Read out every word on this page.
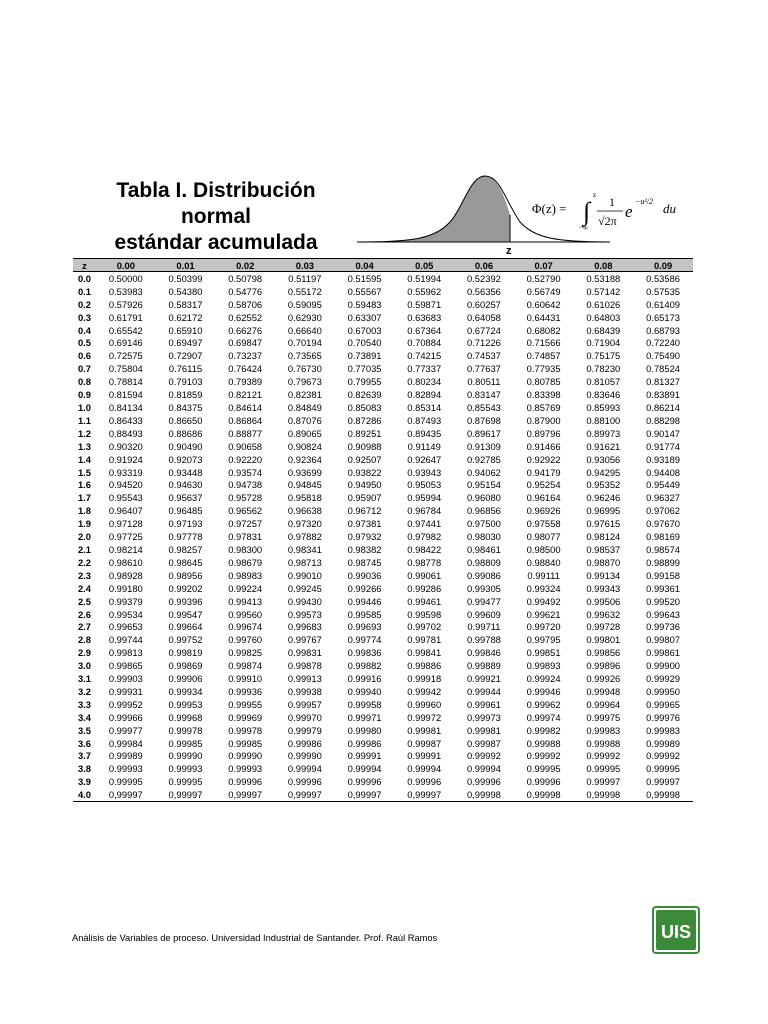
Tabla I. Distribución
normal
estándar acumulada	z
Φ(z) = ∫
z
−∞
1
√2π e
−u²/2 du
z	0.00	0.01	0.02	0.03	0.04	0.05	0.06	0.07	0.08	0.09
0.0	0.50000	0.50399	0.50798	0.51197	0.51595	0.51994	0.52392	0.52790	0.53188	0.53586
0.1	0.53983	0.54380	0.54776	0.55172	0.55567	0.55962	0.56356	0.56749	0.57142	0.57535
0.2	0.57926	0.58317	0.58706	0.59095	0.59483	0.59871	0.60257	0.60642	0.61026	0.61409
0.3	0.61791	0.62172	0.62552	0.62930	0.63307	0.63683	0.64058	0.64431	0.64803	0.65173
0.4	0.65542	0.65910	0.66276	0.66640	0.67003	0.67364	0.67724	0.68082	0.68439	0.68793
0.5	0.69146	0.69497	0.69847	0.70194	0.70540	0.70884	0.71226	0.71566	0.71904	0.72240
0.6	0.72575	0.72907	0.73237	0.73565	0.73891	0.74215	0.74537	0.74857	0.75175	0.75490
0.7	0.75804	0.76115	0.76424	0.76730	0.77035	0.77337	0.77637	0.77935	0.78230	0.78524
0.8	0.78814	0.79103	0.79389	0.79673	0.79955	0.80234	0.80511	0.80785	0.81057	0.81327
0.9	0.81594	0.81859	0.82121	0.82381	0.82639	0.82894	0.83147	0.83398	0.83646	0.83891
1.0	0.84134	0.84375	0.84614	0.84849	0.85083	0.85314	0.85543	0.85769	0.85993	0.86214
1.1	0.86433	0.86650	0.86864	0.87076	0.87286	0.87493	0.87698	0.87900	0.88100	0.88298
1.2	0.88493	0.88686	0.88877	0.89065	0.89251	0.89435	0.89617	0.89796	0.89973	0.90147
1.3	0.90320	0.90490	0.90658	0.90824	0.90988	0.91149	0.91309	0.91466	0.91621	0.91774
1.4	0.91924	0.92073	0.92220	0.92364	0.92507	0.92647	0.92785	0.92922	0.93056	0.93189
1.5	0.93319	0.93448	0.93574	0.93699	0.93822	0.93943	0.94062	0.94179	0.94295	0.94408
1.6	0.94520	0.94630	0.94738	0.94845	0.94950	0.95053	0.95154	0.95254	0.95352	0.95449
1.7	0.95543	0.95637	0.95728	0.95818	0.95907	0.95994	0.96080	0.96164	0.96246	0.96327
1.8	0.96407	0.96485	0.96562	0.96638	0.96712	0.96784	0.96856	0.96926	0.96995	0.97062
1.9	0.97128	0.97193	0.97257	0.97320	0.97381	0.97441	0.97500	0.97558	0.97615	0.97670
2.0	0.97725	0.97778	0.97831	0.97882	0.97932	0.97982	0.98030	0.98077	0.98124	0.98169
2.1	0.98214	0.98257	0.98300	0.98341	0.98382	0.98422	0.98461	0.98500	0.98537	0.98574
2.2	0.98610	0.98645	0.98679	0.98713	0.98745	0.98778	0.98809	0.98840	0.98870	0.98899
2.3	0.98928	0.98956	0.98983	0.99010	0.99036	0.99061	0.99086	0.99111	0.99134	0.99158
2.4	0.99180	0.99202	0.99224	0.99245	0.99266	0.99286	0.99305	0.99324	0.99343	0.99361
2.5	0.99379	0.99396	0.99413	0.99430	0.99446	0.99461	0.99477	0.99492	0.99506	0.99520
2.6	0.99534	0.99547	0.99560	0.99573	0.99585	0.99598	0.99609	0.99621	0.99632	0.99643
2.7	0.99653	0.99664	0.99674	0.99683	0.99693	0.99702	0.99711	0.99720	0.99728	0.99736
2.8	0.99744	0.99752	0.99760	0.99767	0.99774	0.99781	0.99788	0.99795	0.99801	0.99807
2.9	0.99813	0.99819	0.99825	0.99831	0.99836	0.99841	0.99846	0.99851	0.99856	0.99861
3.0	0.99865	0.99869	0.99874	0.99878	0.99882	0.99886	0.99889	0.99893	0.99896	0.99900
3.1	0.99903	0.99906	0.99910	0.99913	0.99916	0.99918	0.99921	0.99924	0.99926	0.99929
3.2	0.99931	0.99934	0.99936	0.99938	0.99940	0.99942	0.99944	0.99946	0.99948	0.99950
3.3	0.99952	0.99953	0.99955	0.99957	0.99958	0.99960	0.99961	0.99962	0.99964	0.99965
3.4	0.99966	0.99968	0.99969	0.99970	0.99971	0.99972	0.99973	0.99974	0.99975	0.99976
3.5	0.99977	0.99978	0.99978	0.99979	0.99980	0.99981	0.99981	0.99982	0.99983	0.99983
3.6	0.99984	0.99985	0.99985	0.99986	0.99986	0.99987	0.99987	0.99988	0.99988	0.99989
3.7	0.99989	0.99990	0.99990	0.99990	0.99991	0.99991	0.99992	0.99992	0.99992	0.99992
3.8	0.99993	0.99993	0.99993	0.99994	0.99994	0.99994	0.99994	0.99995	0.99995	0.99995
3.9	0.99995	0.99995	0.99996	0.99996	0.99996	0.99996	0.99996	0.99996	0.99997	0.99997
4.0	0,99997	0,99997	0,99997	0,99997	0,99997	0,99997	0,99998	0,99998	0,99998	0,99998
Análisis de Variables de proceso. Universidad Industrial de Santander. Prof. Raúl Ramos	UIS
